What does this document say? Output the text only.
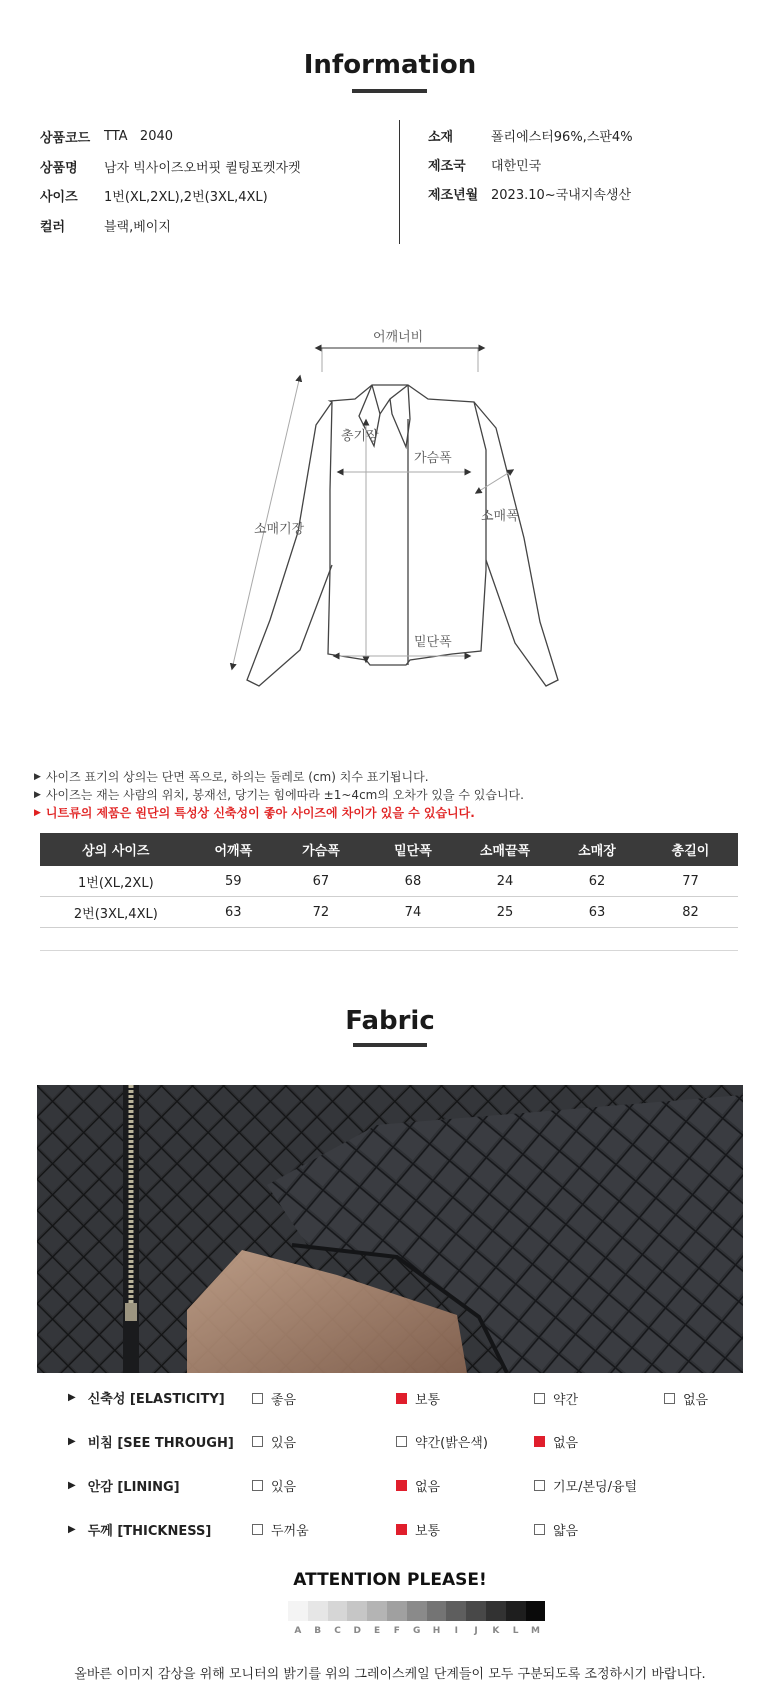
Information
상품코드	TTA   2040
상품명	남자 빅사이즈오버핏 퀼팅포켓자켓
사이즈	1번(XL,2XL),2번(3XL,4XL)
컬러	블랙,베이지
소재	폴리에스터96%,스판4%
제조국	대한민국
제조년월 2023.10~국내지속생산
어깨너비
총기장
가슴폭
소매기장
소매폭
밑단폭
▶ 사이즈 표기의 상의는 단면 폭으로, 하의는 둘레로 (cm) 치수 표기됩니다.
▶ 사이즈는 재는 사람의 위치, 봉재선, 당기는 힘에따라 ±1~4cm의 오차가 있을 수 있습니다.
▶ 니트류의 제품은 원단의 특성상 신축성이 좋아 사이즈에 차이가 있을 수 있습니다.
상의 사이즈	어깨폭	가슴폭	밑단폭	소매끝폭	소매장	총길이
1번(XL,2XL)	59	67	68	24	62	77
2번(3XL,4XL)	63	72	74	25	63	82
Fabric
▶ 신축성 [ELASTICITY]	좋음	보통	약간	없음
▶ 비침 [SEE THROUGH]	있음	약간(밝은색)	없음
▶ 안감 [LINING]	있음	없음	기모/본딩/융털
▶ 두께 [THICKNESS]	두꺼움	보통	얇음
ATTENTION PLEASE!
A	B	C	D	E	F	G	H	I	J	K	L	M
올바른 이미지 감상을 위해 모니터의 밝기를 위의 그레이스케일 단계들이 모두 구분되도록 조정하시기 바랍니다.
